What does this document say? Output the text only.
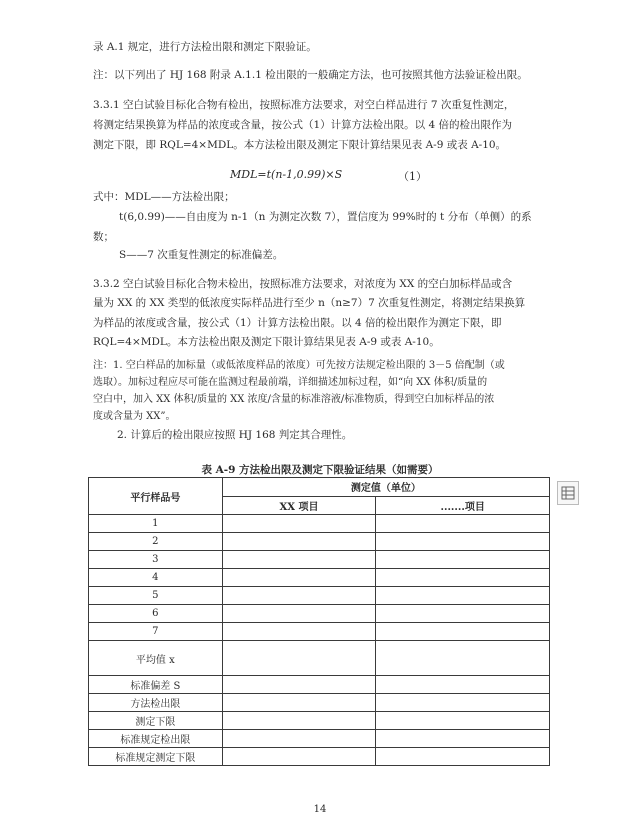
录 A.1 规定，进行方法检出限和测定下限验证。
注：以下列出了 HJ 168 附录 A.1.1 检出限的一般确定方法，也可按照其他方法验证检出限。
3.3.1 空白试验目标化合物有检出，按照标准方法要求，对空白样品进行 7 次重复性测定，
将测定结果换算为样品的浓度或含量，按公式（1）计算方法检出限。以 4 倍的检出限作为
测定下限，即 RQL=4×MDL。本方法检出限及测定下限计算结果见表 A-9 或表 A-10。
MDL=t(n-1,0.99)×S	（1）
式中：MDL——方法检出限；
t(6,0.99)——自由度为 n-1（n 为测定次数 7），置信度为 99%时的 t 分布（单侧）的系
数；
S——7 次重复性测定的标准偏差。
3.3.2 空白试验目标化合物未检出，按照标准方法要求，对浓度为 XX 的空白加标样品或含
量为 XX 的 XX 类型的低浓度实际样品进行至少 n（n≥7）7 次重复性测定，将测定结果换算
为样品的浓度或含量，按公式（1）计算方法检出限。以 4 倍的检出限作为测定下限，即
RQL=4×MDL。本方法检出限及测定下限计算结果见表 A-9 或表 A-10。
注：1. 空白样品的加标量（或低浓度样品的浓度）可先按方法规定检出限的 3－5 倍配制（或
选取）。加标过程应尽可能在监测过程最前端，详细描述加标过程，如“向 XX 体积/质量的
空白中，加入 XX 体积/质量的 XX 浓度/含量的标准溶液/标准物质，得到空白加标样品的浓
度或含量为 XX”。
2. 计算后的检出限应按照 HJ 168 判定其合理性。
表 A-9 方法检出限及测定下限验证结果（如需要）
平行样品号	测定值（单位）	
	XX 项目	.......项目
1		
2		
3		
4		
5		
6		
7		
平均值 x		
标准偏差 S		
方法检出限		
测定下限		
标准规定检出限		
标准规定测定下限		
14
